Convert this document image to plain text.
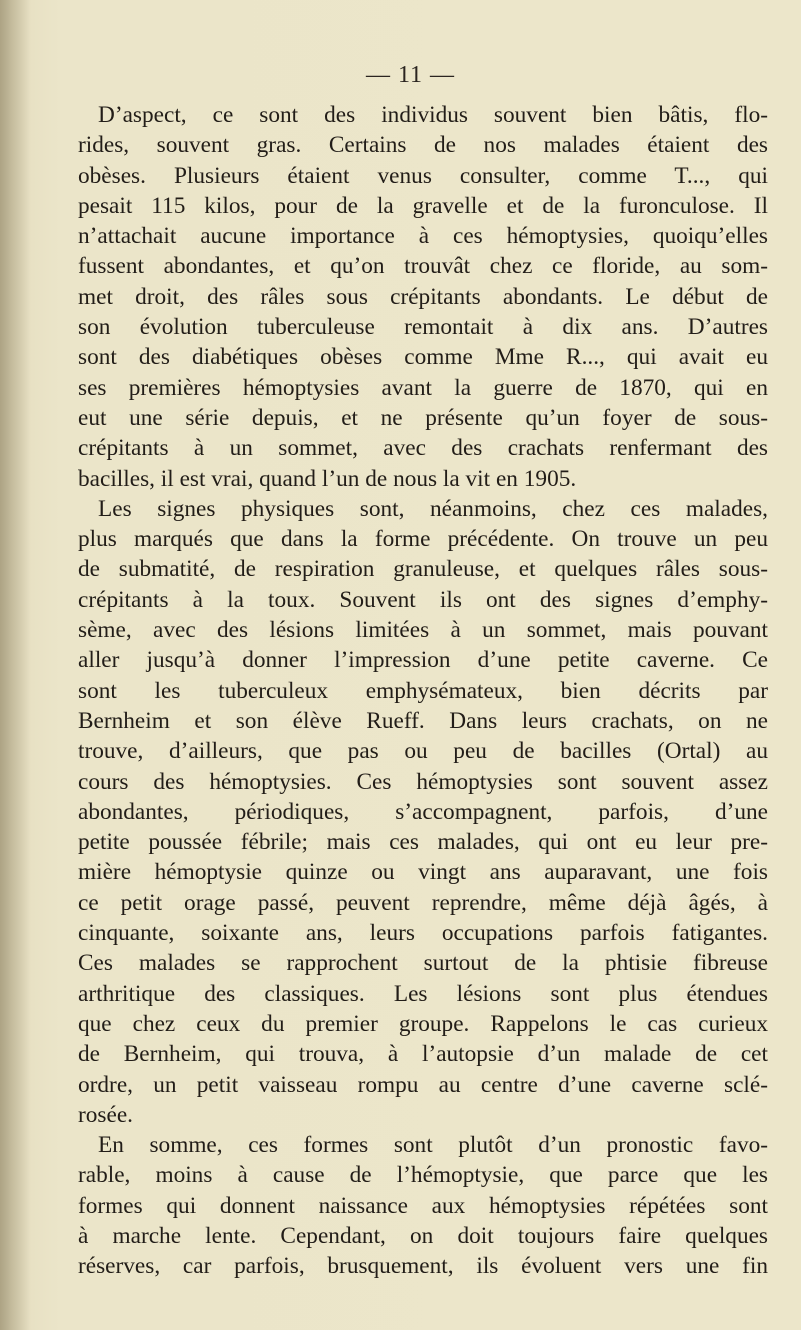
— 11 —
D’aspect, ce sont des individus souvent bien bâtis, flo-
rides, souvent gras. Certains de nos malades étaient des
obèses. Plusieurs étaient venus consulter, comme T..., qui
pesait 115 kilos, pour de la gravelle et de la furonculose. Il
n’attachait aucune importance à ces hémoptysies, quoiqu’elles
fussent abondantes, et qu’on trouvât chez ce floride, au som-
met droit, des râles sous crépitants abondants. Le début de
son évolution tuberculeuse remontait à dix ans. D’autres
sont des diabétiques obèses comme Mme R..., qui avait eu
ses premières hémoptysies avant la guerre de 1870, qui en
eut une série depuis, et ne présente qu’un foyer de sous-
crépitants à un sommet, avec des crachats renfermant des
bacilles, il est vrai, quand l’un de nous la vit en 1905.
Les signes physiques sont, néanmoins, chez ces malades,
plus marqués que dans la forme précédente. On trouve un peu
de submatité, de respiration granuleuse, et quelques râles sous-
crépitants à la toux. Souvent ils ont des signes d’emphy-
sème, avec des lésions limitées à un sommet, mais pouvant
aller jusqu’à donner l’impression d’une petite caverne. Ce
sont les tuberculeux emphysémateux, bien décrits par
Bernheim et son élève Rueff. Dans leurs crachats, on ne
trouve, d’ailleurs, que pas ou peu de bacilles (Ortal) au
cours des hémoptysies. Ces hémoptysies sont souvent assez
abondantes, périodiques, s’accompagnent, parfois, d’une
petite poussée fébrile; mais ces malades, qui ont eu leur pre-
mière hémoptysie quinze ou vingt ans auparavant, une fois
ce petit orage passé, peuvent reprendre, même déjà âgés, à
cinquante, soixante ans, leurs occupations parfois fatigantes.
Ces malades se rapprochent surtout de la phtisie fibreuse
arthritique des classiques. Les lésions sont plus étendues
que chez ceux du premier groupe. Rappelons le cas curieux
de Bernheim, qui trouva, à l’autopsie d’un malade de cet
ordre, un petit vaisseau rompu au centre d’une caverne sclé-
rosée.
En somme, ces formes sont plutôt d’un pronostic favo-
rable, moins à cause de l’hémoptysie, que parce que les
formes qui donnent naissance aux hémoptysies répétées sont
à marche lente. Cependant, on doit toujours faire quelques
réserves, car parfois, brusquement, ils évoluent vers une fin
